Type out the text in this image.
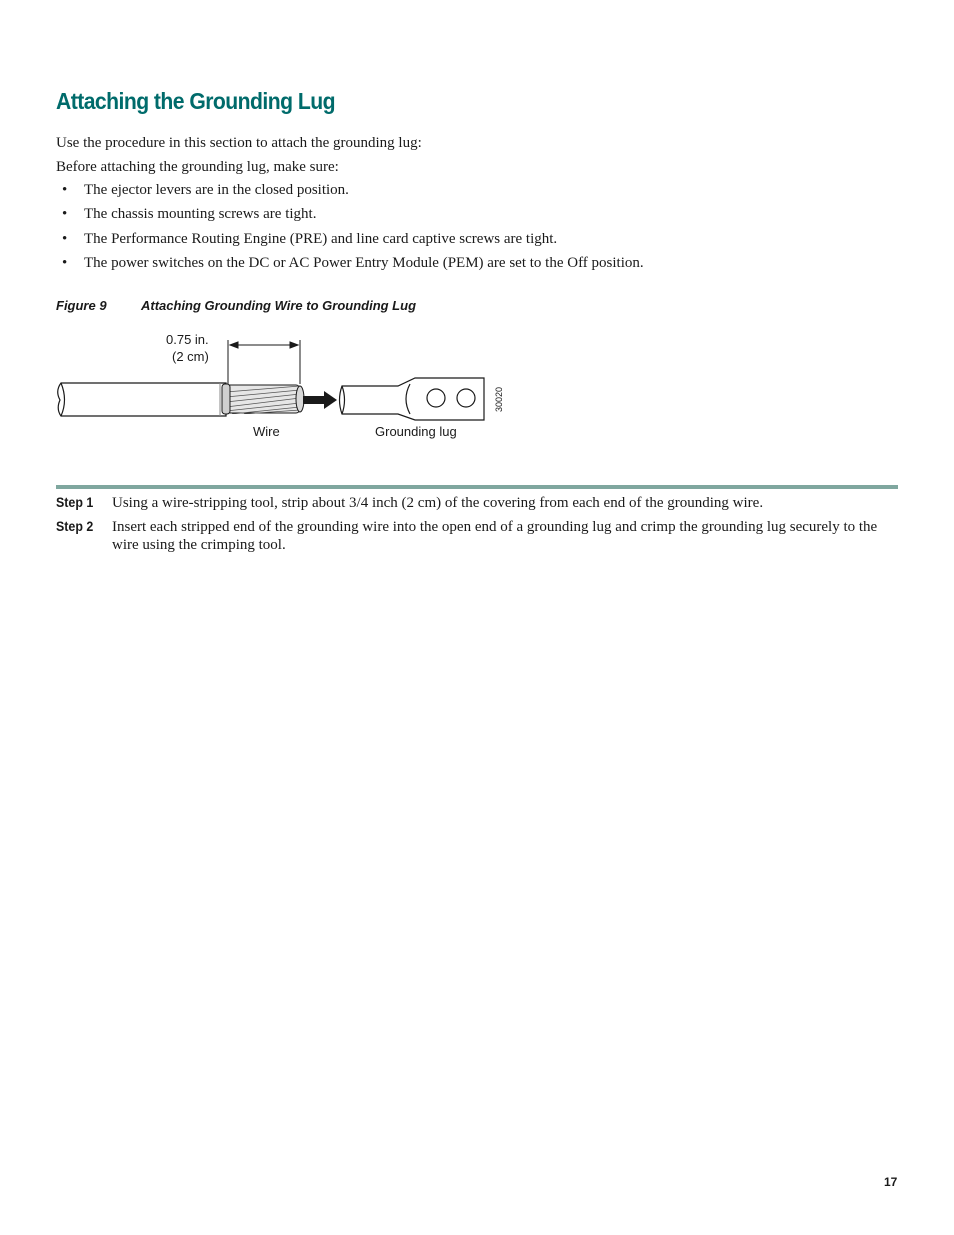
Attaching the Grounding Lug

Use the procedure in this section to attach the grounding lug:

Before attaching the grounding lug, make sure:

• The ejector levers are in the closed position.
• The chassis mounting screws are tight.
• The Performance Routing Engine (PRE) and line card captive screws are tight.
• The power switches on the DC or AC Power Entry Module (PEM) are set to the Off position.
Figure 9	Attaching Grounding Wire to Grounding Lug
0.75 in.
(2 cm)
Wire	Grounding lug
30020
Step 1 Using a wire-stripping tool, strip about 3/4 inch (2 cm) of the covering from each end of the grounding wire.
Step 2 Insert each stripped end of the grounding wire into the open end of a grounding lug and crimp the grounding lug securely to the wire using the crimping tool.
17
